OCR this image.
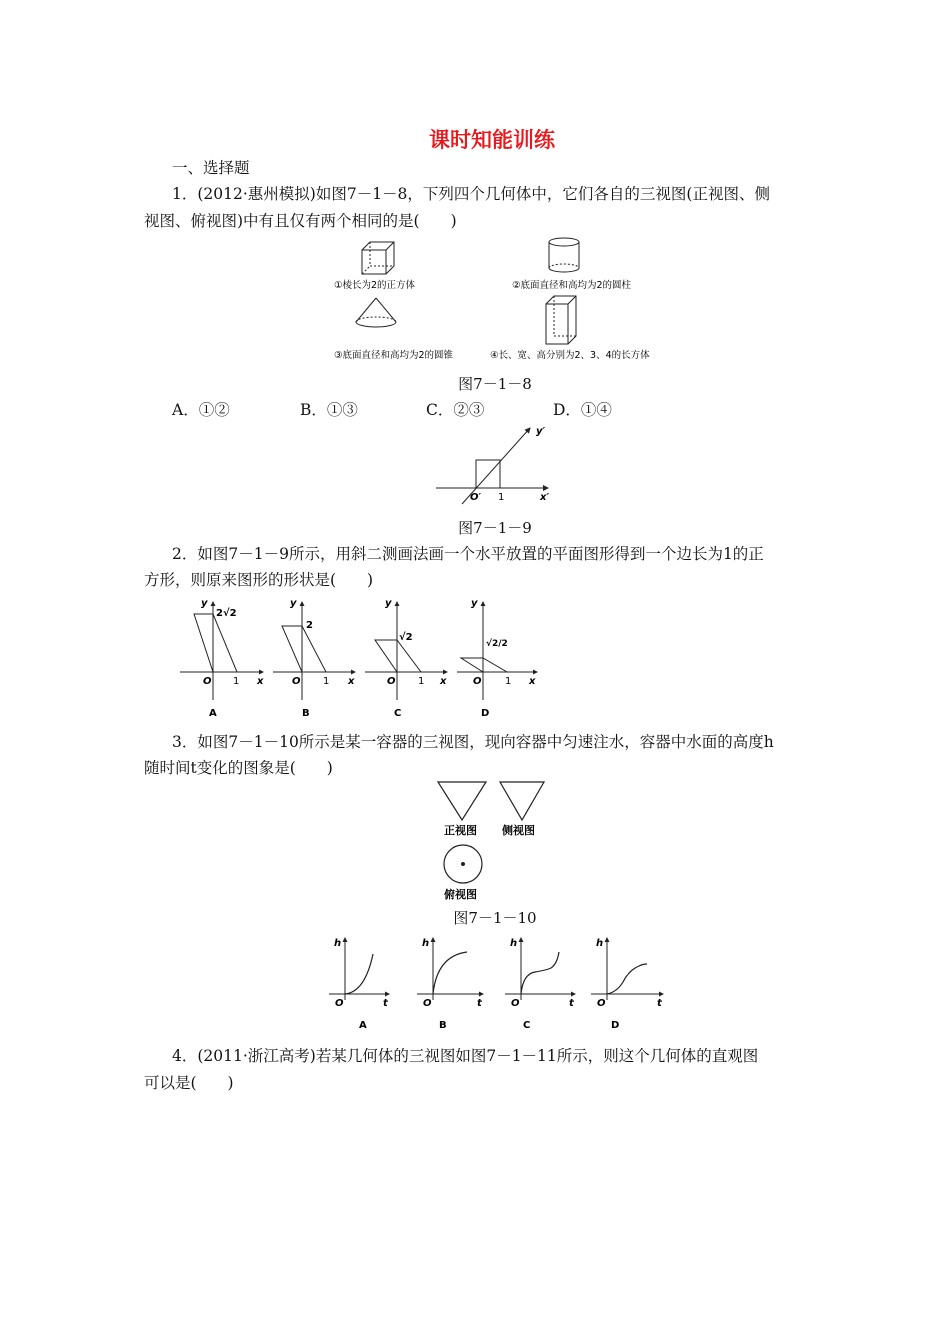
课时知能训练
一、选择题
1．(2012·惠州模拟)如图7－1－8，下列四个几何体中，它们各自的三视图(正视图、侧
视图、俯视图)中有且仅有两个相同的是(　　)
①棱长为2的正方体	②底面直径和高均为2的圆柱
③底面直径和高均为2的圆锥	④长、宽、高分别为2、3、4的长方体
图7－1－8
A．①②	B．①③	C．②③	D．①④
y′
x′
O′ 1
图7－1－9
2．如图7－1－9所示，用斜二测画法画一个水平放置的平面图形得到一个边长为1的正
方形，则原来图形的形状是(　　)
y
2√2
O 1 x
A
y
2
O 1 x
B
y
√2
O 1 x
C
y
√2/2
O 1 x
D
3．如图7－1－10所示是某一容器的三视图，现向容器中匀速注水，容器中水面的高度h
随时间t变化的图象是(　　)
正视图 侧视图
俯视图
图7－1－10
h
O	t
A
h
O	t
B
h
O	t
C
h
O	t
D
4．(2011·浙江高考)若某几何体的三视图如图7－1－11所示，则这个几何体的直观图
可以是(　　)
